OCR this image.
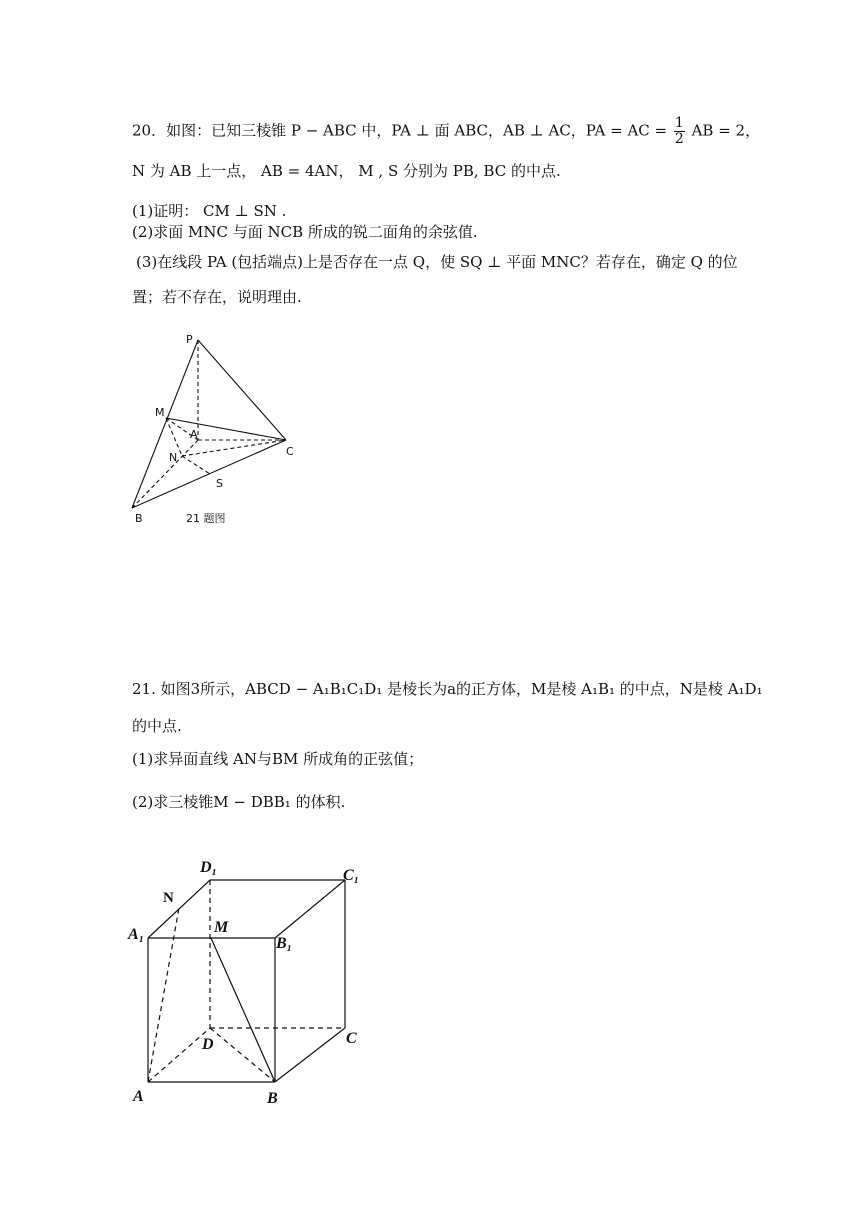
20．如图：已知三棱锥 P − ABC 中，PA ⊥ 面 ABC，AB ⊥ AC，PA = AC = $\frac{1}{2}$ AB = 2，
N 为 AB 上一点， AB = 4AN， M , S 分别为 PB, BC 的中点.
(1)证明： CM ⊥ SN .
(2)求面 MNC 与面 NCB 所成的锐二面角的余弦值.
(3)在线段 PA (包括端点)上是否存在一点 Q，使 SQ ⊥ 平面 MNC？若存在，确定 Q 的位
置；若不存在，说明理由.
P
M
A
N	C
S
B	21 题图
21. 如图3所示，ABCD − A₁B₁C₁D₁ 是棱长为a的正方体，M是棱 A₁B₁ 的中点，N是棱 A₁D₁
的中点.
(1)求异面直线 AN与BM 所成角的正弦值；
(2)求三棱锥M − DBB₁ 的体积.
D₁	C₁
N
M
A₁
B₁
D	C
A	B
